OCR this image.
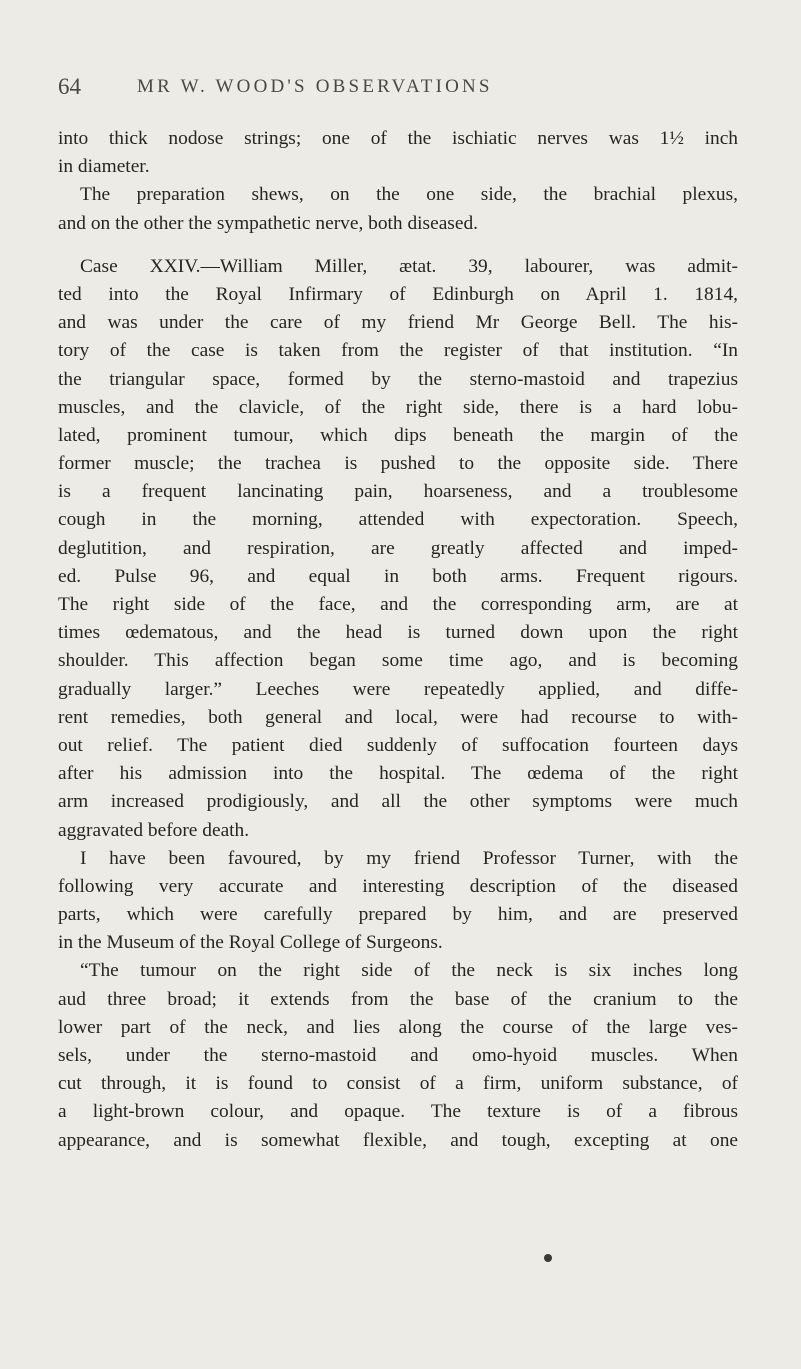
64	MR W. WOOD'S OBSERVATIONS
into thick nodose strings; one of the ischiatic nerves was 1½ inch
in diameter.
The preparation shews, on the one side, the brachial plexus,
and on the other the sympathetic nerve, both diseased.
Case XXIV.—William Miller, ætat. 39, labourer, was admit-
ted into the Royal Infirmary of Edinburgh on April 1. 1814,
and was under the care of my friend Mr George Bell. The his-
tory of the case is taken from the register of that institution. “In
the triangular space, formed by the sterno-mastoid and trapezius
muscles, and the clavicle, of the right side, there is a hard lobu-
lated, prominent tumour, which dips beneath the margin of the
former muscle; the trachea is pushed to the opposite side. There
is a frequent lancinating pain, hoarseness, and a troublesome
cough in the morning, attended with expectoration. Speech,
deglutition, and respiration, are greatly affected and imped-
ed. Pulse 96, and equal in both arms. Frequent rigours.
The right side of the face, and the corresponding arm, are at
times œdematous, and the head is turned down upon the right
shoulder. This affection began some time ago, and is becoming
gradually larger.” Leeches were repeatedly applied, and diffe-
rent remedies, both general and local, were had recourse to with-
out relief. The patient died suddenly of suffocation fourteen days
after his admission into the hospital. The œdema of the right
arm increased prodigiously, and all the other symptoms were much
aggravated before death.
I have been favoured, by my friend Professor Turner, with the
following very accurate and interesting description of the diseased
parts, which were carefully prepared by him, and are preserved
in the Museum of the Royal College of Surgeons.
“The tumour on the right side of the neck is six inches long
aud three broad; it extends from the base of the cranium to the
lower part of the neck, and lies along the course of the large ves-
sels, under the sterno-mastoid and omo-hyoid muscles. When
cut through, it is found to consist of a firm, uniform substance, of
a light-brown colour, and opaque. The texture is of a fibrous
appearance, and is somewhat flexible, and tough, excepting at one
